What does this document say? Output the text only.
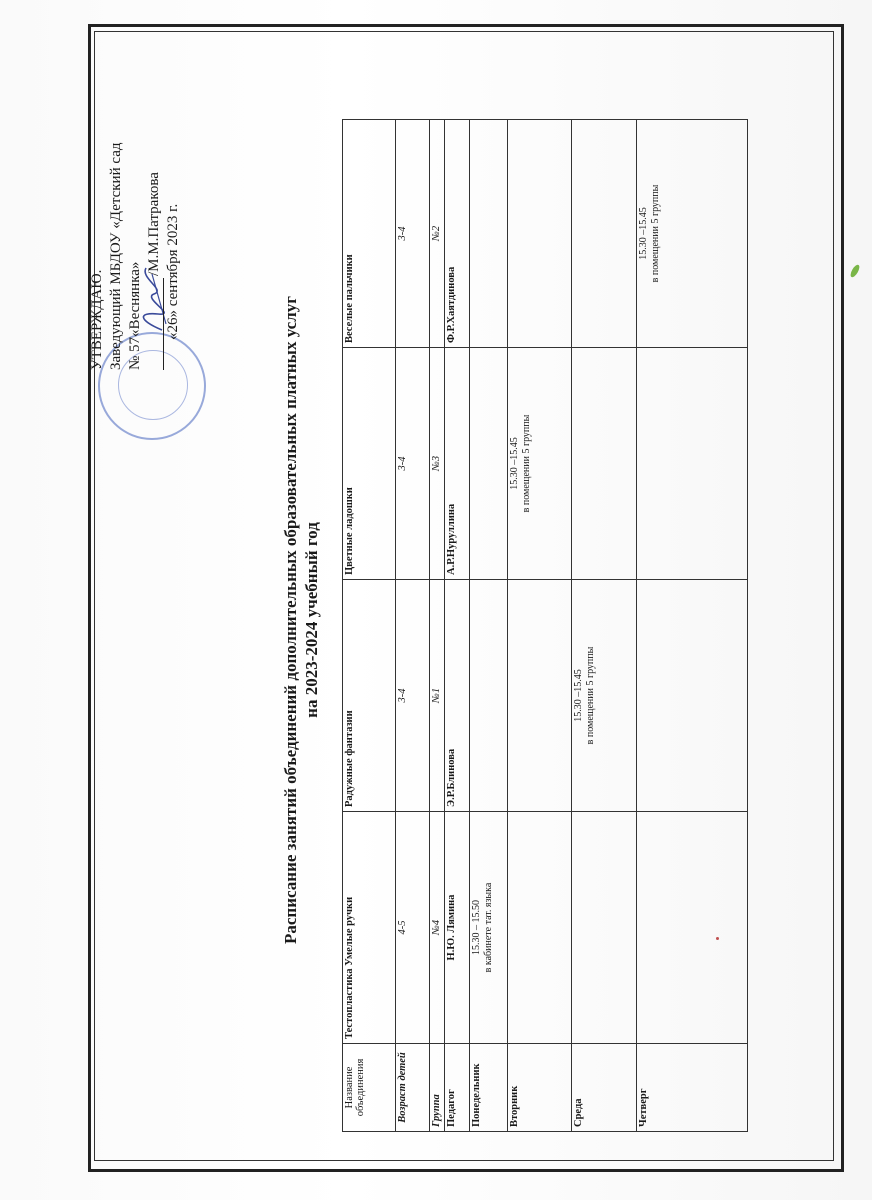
УТВЕРЖДАЮ. Заведующий МБДОУ «Детский сад № 57«Веснянка»
/М.М.Патракова «26» сентября 2023 г.
Расписание занятий объединений дополнительных образовательных платных услуг на 2023-2024 учебный год
Название объединения	Тестопластика Умелые ручки	Радужные фантазии	Цветные ладошки	Веселые пальчики
Возраст детей	4-5	3-4	3-4	3-4
Группа	№4	№1	№3	№2
Педагог	Н.Ю. Лямина	Э.Р.Блинова	А.Р.Нуруллина	Ф.Р.Хаятдинова
Понедельник	15.30 – 15.50 в кабинете тат. языка			

Вторник			15.30 –15.45 в помещении 5 группы	

Среда		15.30 –15.45 в помещении 5 группы		

Четверг				15.30 –15.45 в помещении 5 группы
